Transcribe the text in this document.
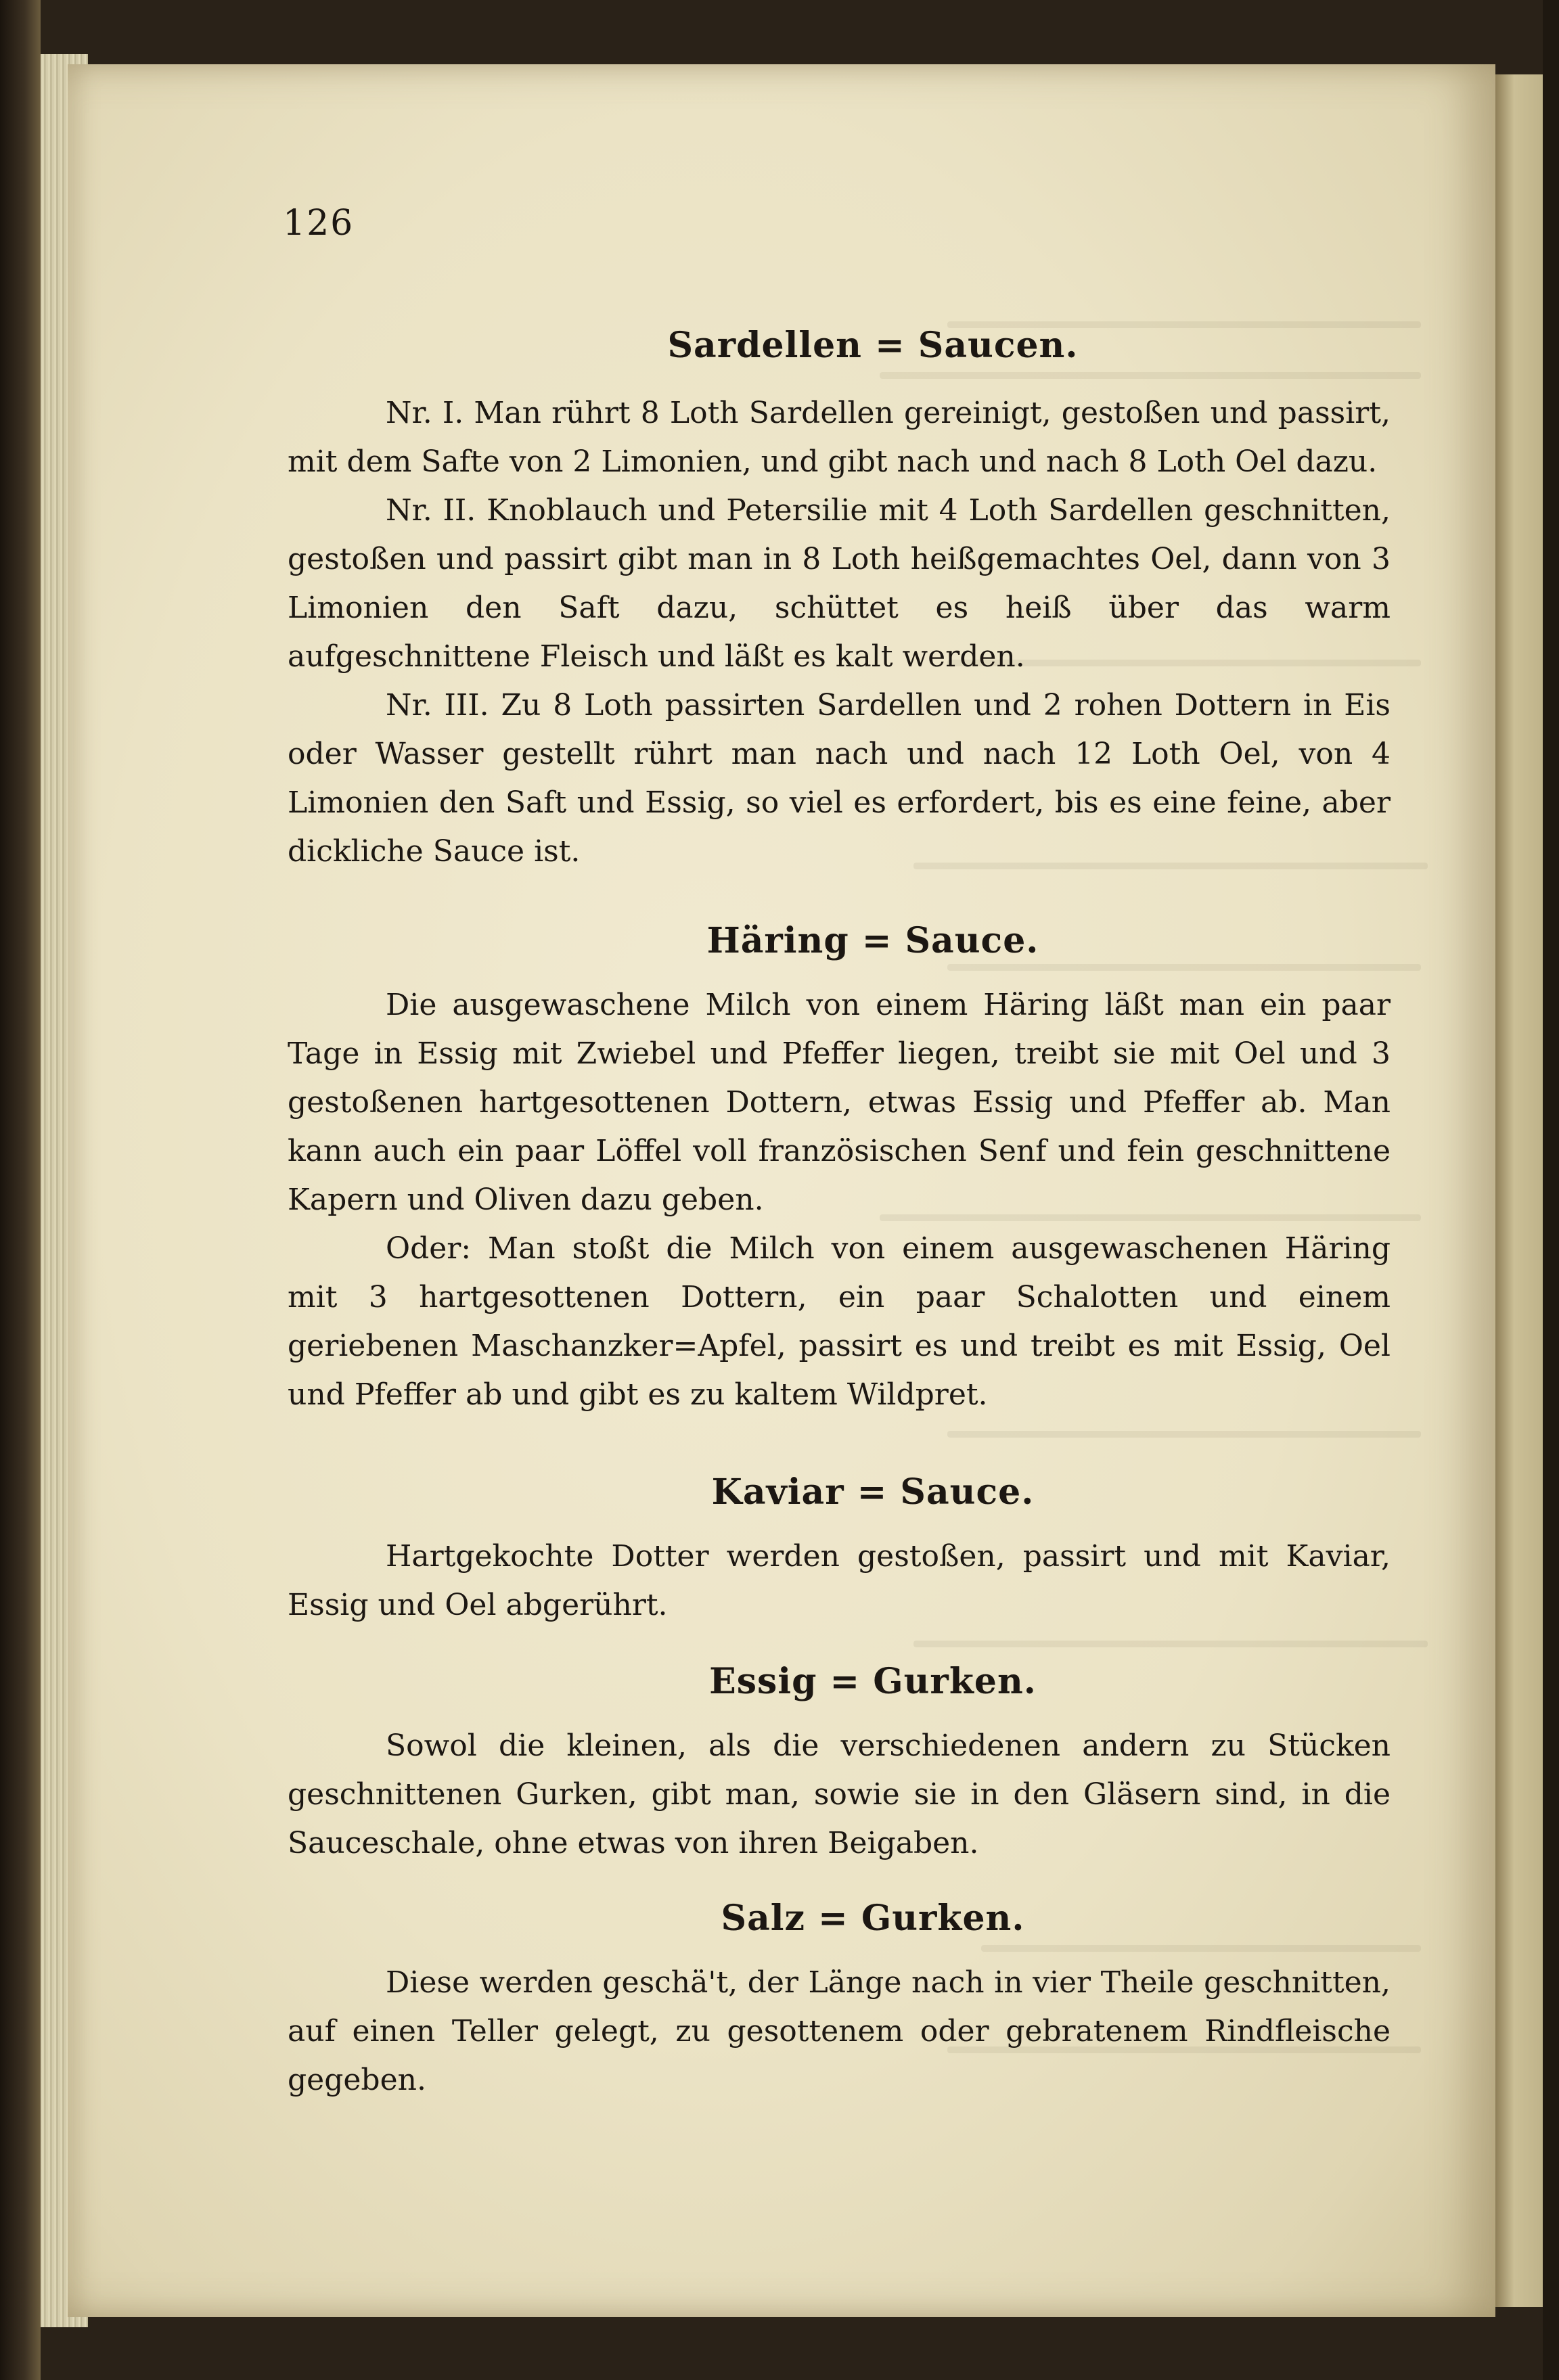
126
Sardellen = Saucen.

Nr. I. Man rührt 8 Loth Sardellen gereinigt, gestoßen und passirt, mit dem Safte von 2 Limonien, und gibt nach und nach 8 Loth Oel dazu.

Nr. II. Knoblauch und Petersilie mit 4 Loth Sardellen geschnitten, gestoßen und passirt gibt man in 8 Loth heißgemachtes Oel, dann von 3 Limonien den Saft dazu, schüttet es heiß über das warm aufgeschnittene Fleisch und läßt es kalt werden.

Nr. III. Zu 8 Loth passirten Sardellen und 2 rohen Dottern in Eis oder Wasser gestellt rührt man nach und nach 12 Loth Oel, von 4 Limonien den Saft und Essig, so viel es erfordert, bis es eine feine, aber dickliche Sauce ist.

Häring = Sauce.

Die ausgewaschene Milch von einem Häring läßt man ein paar Tage in Essig mit Zwiebel und Pfeffer liegen, treibt sie mit Oel und 3 gestoßenen hartgesottenen Dottern, etwas Essig und Pfeffer ab. Man kann auch ein paar Löffel voll französischen Senf und fein geschnittene Kapern und Oliven dazu geben.

Oder: Man stoßt die Milch von einem ausgewaschenen Häring mit 3 hartgesottenen Dottern, ein paar Schalotten und einem geriebenen Maschanzker=Apfel, passirt es und treibt es mit Essig, Oel und Pfeffer ab und gibt es zu kaltem Wildpret.

Kaviar = Sauce.

Hartgekochte Dotter werden gestoßen, passirt und mit Kaviar, Essig und Oel abgerührt.

Essig = Gurken.

Sowol die kleinen, als die verschiedenen andern zu Stücken geschnittenen Gurken, gibt man, sowie sie in den Gläsern sind, in die Sauceschale, ohne etwas von ihren Beigaben.

Salz = Gurken.

Diese werden geschä't, der Länge nach in vier Theile geschnitten, auf einen Teller gelegt, zu gesottenem oder gebratenem Rindfleische gegeben.
